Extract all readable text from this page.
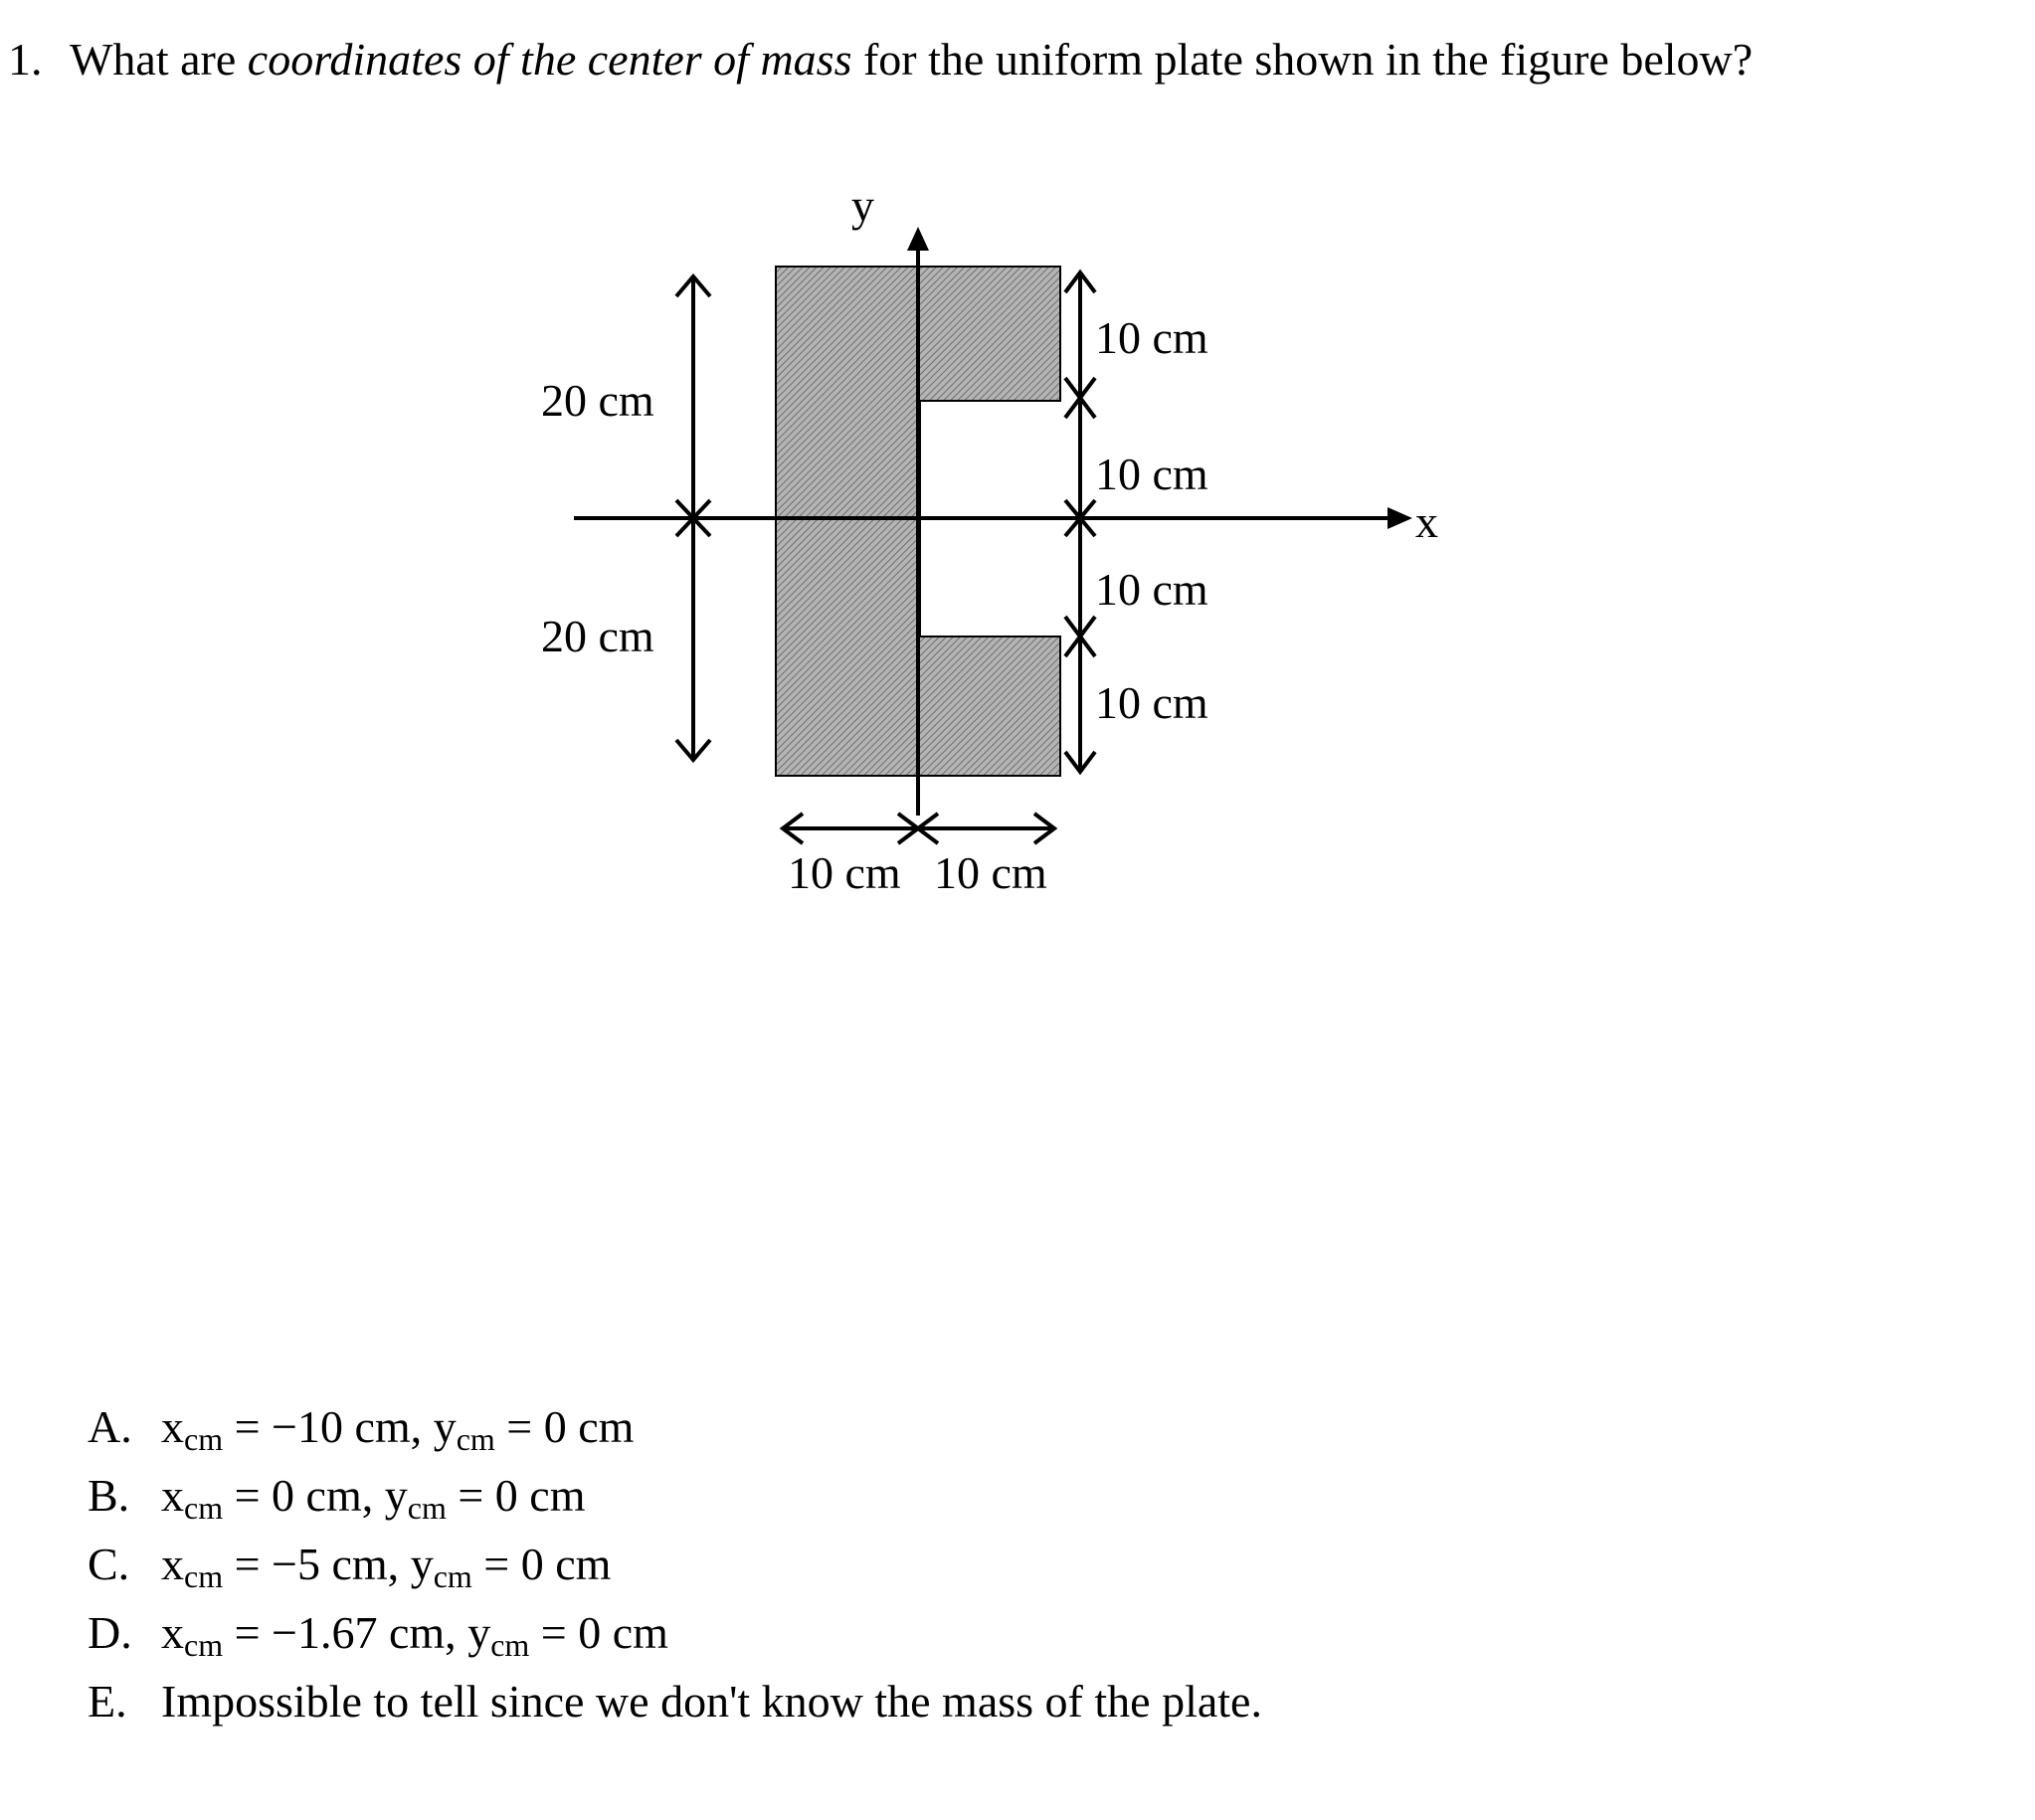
1. What are coordinates of the center of mass for the uniform plate shown in the figure below?
y
x
20 cm
20 cm
10 cm
10 cm
10 cm
10 cm
10 cm 10 cm
A. $x_{cm} = -10$ cm, $y_{cm} = 0$ cm
B. $x_{cm} = 0$ cm, $y_{cm} = 0$ cm
C. $x_{cm} = -5$ cm, $y_{cm} = 0$ cm
D. $x_{cm} = -1.67$ cm, $y_{cm} = 0$ cm
E. Impossible to tell since we don't know the mass of the plate.
